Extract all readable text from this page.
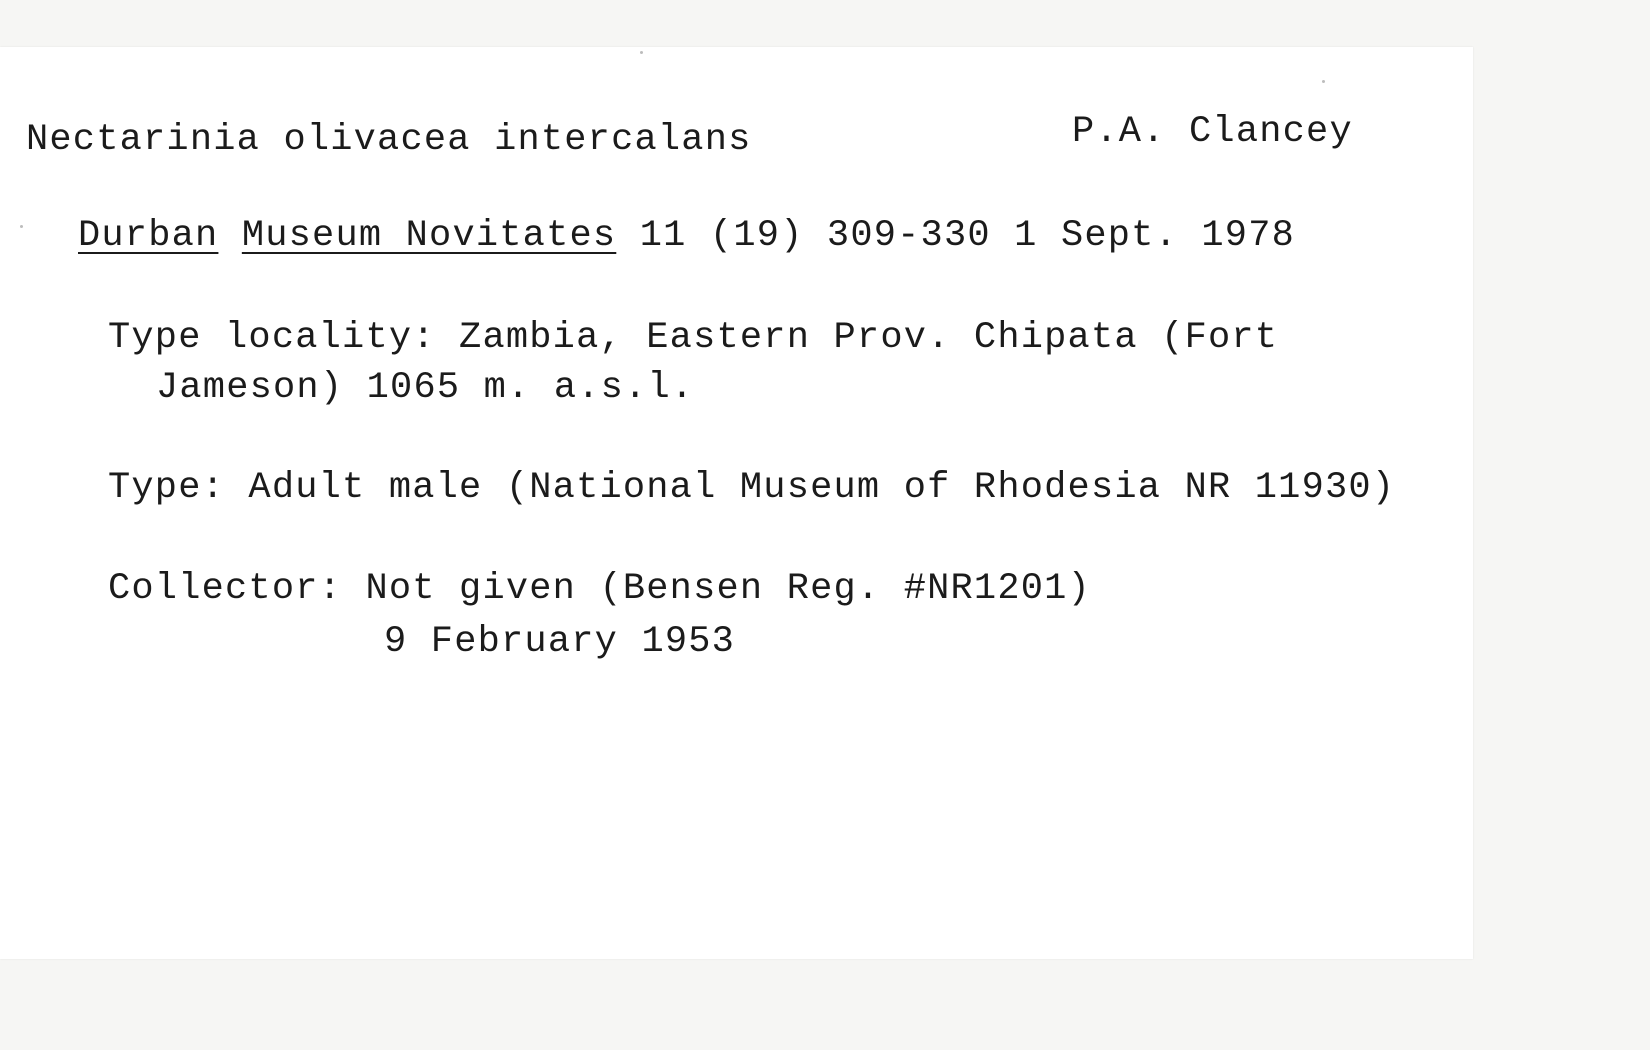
Nectarinia olivacea intercalans	P.A. Clancey
Durban Museum Novitates 11 (19) 309-330 1 Sept. 1978
Type locality: Zambia, Eastern Prov. Chipata (Fort
Jameson) 1065 m. a.s.l.
Type: Adult male (National Museum of Rhodesia NR 11930)
Collector: Not given (Bensen Reg. #NR1201)
9 February 1953
